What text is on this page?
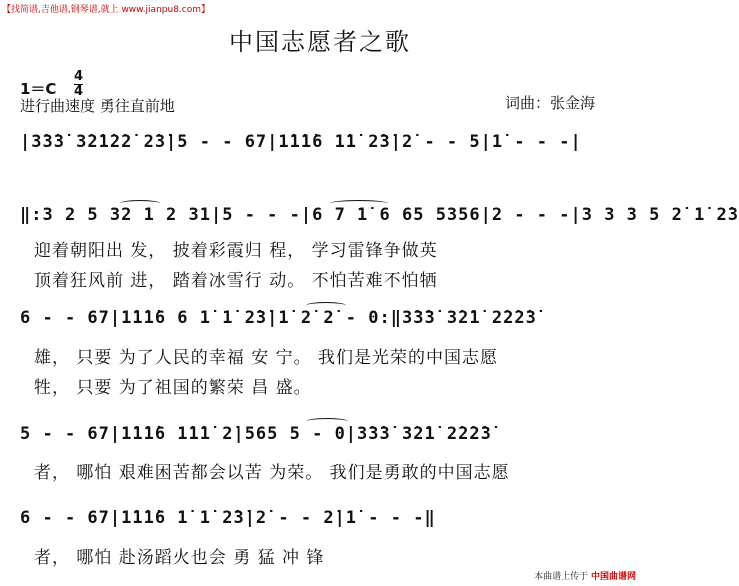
【找简谱,吉他谱,钢琴谱,就上 www.jianpu8.com】
中国志愿者之歌
1＝C
4
4
进行曲速度 勇往直前地	词曲：张金海
|3̇3̇3̇ 3̇2̇1̇2̇2̇ 2̇3̇|5 - - 67|1̇1̇1̇6 1̇1̇ 2̇3̇|2̇ - - 5|1̇ - - -|
‖:3 2 5 32 1 2 31|5 - - -|6 7 1̇ 6 65 5356|2 - - -|3 3 3 5 2̇ 1̇ 2̇3̇
迎着朝阳出 发， 披着彩霞归 程， 学习雷锋争做英
顶着狂风前 进， 踏着冰雪行 动。 不怕苦难不怕牺
6 - - 67|1̇1̇1̇6 6 1̇ 1̇ 2̇3̇|1̇ 2̇ 2̇ - 0:‖3̇3̇3̇ 3̇2̇1̇ 2̇2̇2̇3̇
雄， 只要 为了人民的幸福 安 宁。 我们是光荣的中国志愿
牲， 只要 为了祖国的繁荣 昌 盛。
5 - - 67|1̇1̇1̇6 1̇1̇1̇ 2̇|565 5 - 0|3̇3̇3̇ 3̇2̇1̇ 2̇2̇2̇3̇
者， 哪怕 艰难困苦都会以苦 为荣。 我们是勇敢的中国志愿
6 - - 67|1̇1̇1̇6 1̇ 1̇ 2̇3̇|2̇ - - 2̇|1̇ - - -‖
者， 哪怕 赴汤蹈火也会 勇 猛 冲 锋
本曲谱上传于 中国曲谱网
